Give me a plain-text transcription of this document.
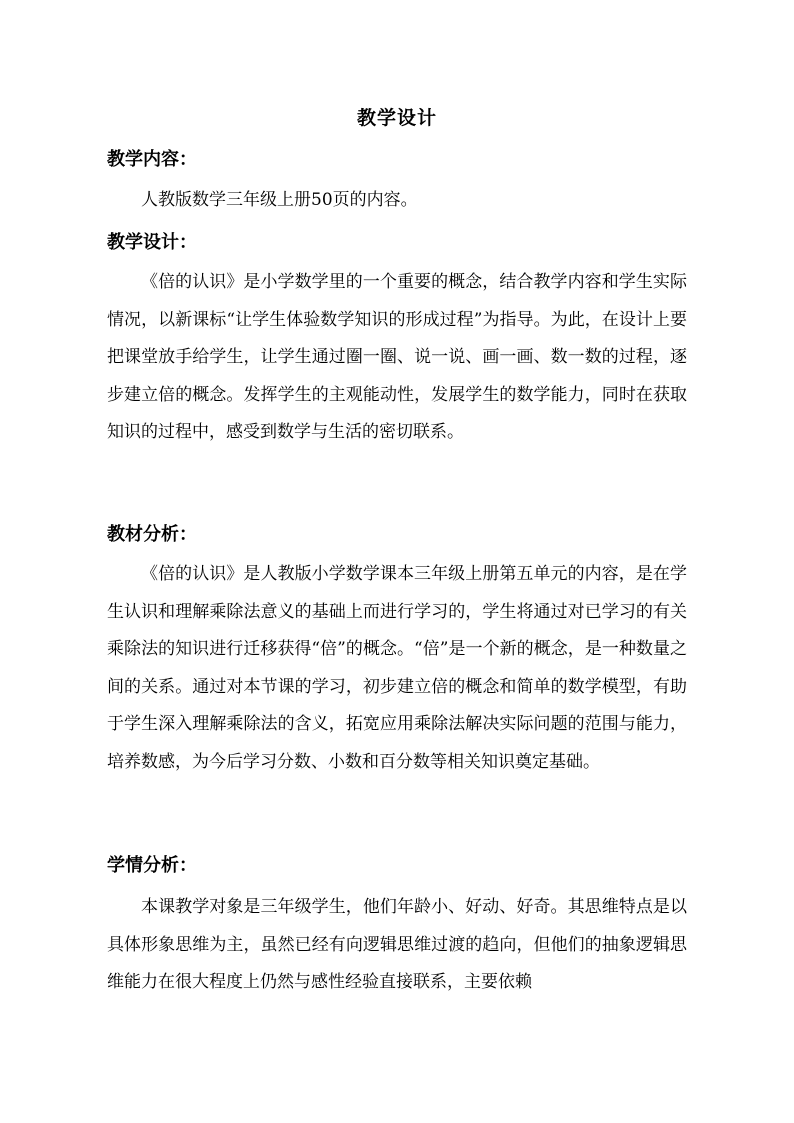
教学设计
教学内容：

人教版数学三年级上册50页的内容。

教学设计：

《倍的认识》是小学数学里的一个重要的概念，结合教学内容和学生实际情况，以新课标“让学生体验数学知识的形成过程”为指导。为此，在设计上要把课堂放手给学生，让学生通过圈一圈、说一说、画一画、数一数的过程，逐步建立倍的概念。发挥学生的主观能动性，发展学生的数学能力，同时在获取知识的过程中，感受到数学与生活的密切联系。

教材分析：

《倍的认识》是人教版小学数学课本三年级上册第五单元的内容，是在学生认识和理解乘除法意义的基础上而进行学习的，学生将通过对已学习的有关乘除法的知识进行迁移获得“倍”的概念。“倍”是一个新的概念，是一种数量之间的关系。通过对本节课的学习，初步建立倍的概念和简单的数学模型，有助于学生深入理解乘除法的含义，拓宽应用乘除法解决实际问题的范围与能力，培养数感，为今后学习分数、小数和百分数等相关知识奠定基础。

学情分析：

本课教学对象是三年级学生，他们年龄小、好动、好奇。其思维特点是以具体形象思维为主，虽然已经有向逻辑思维过渡的趋向，但他们的抽象逻辑思维能力在很大程度上仍然与感性经验直接联系，主要依赖
